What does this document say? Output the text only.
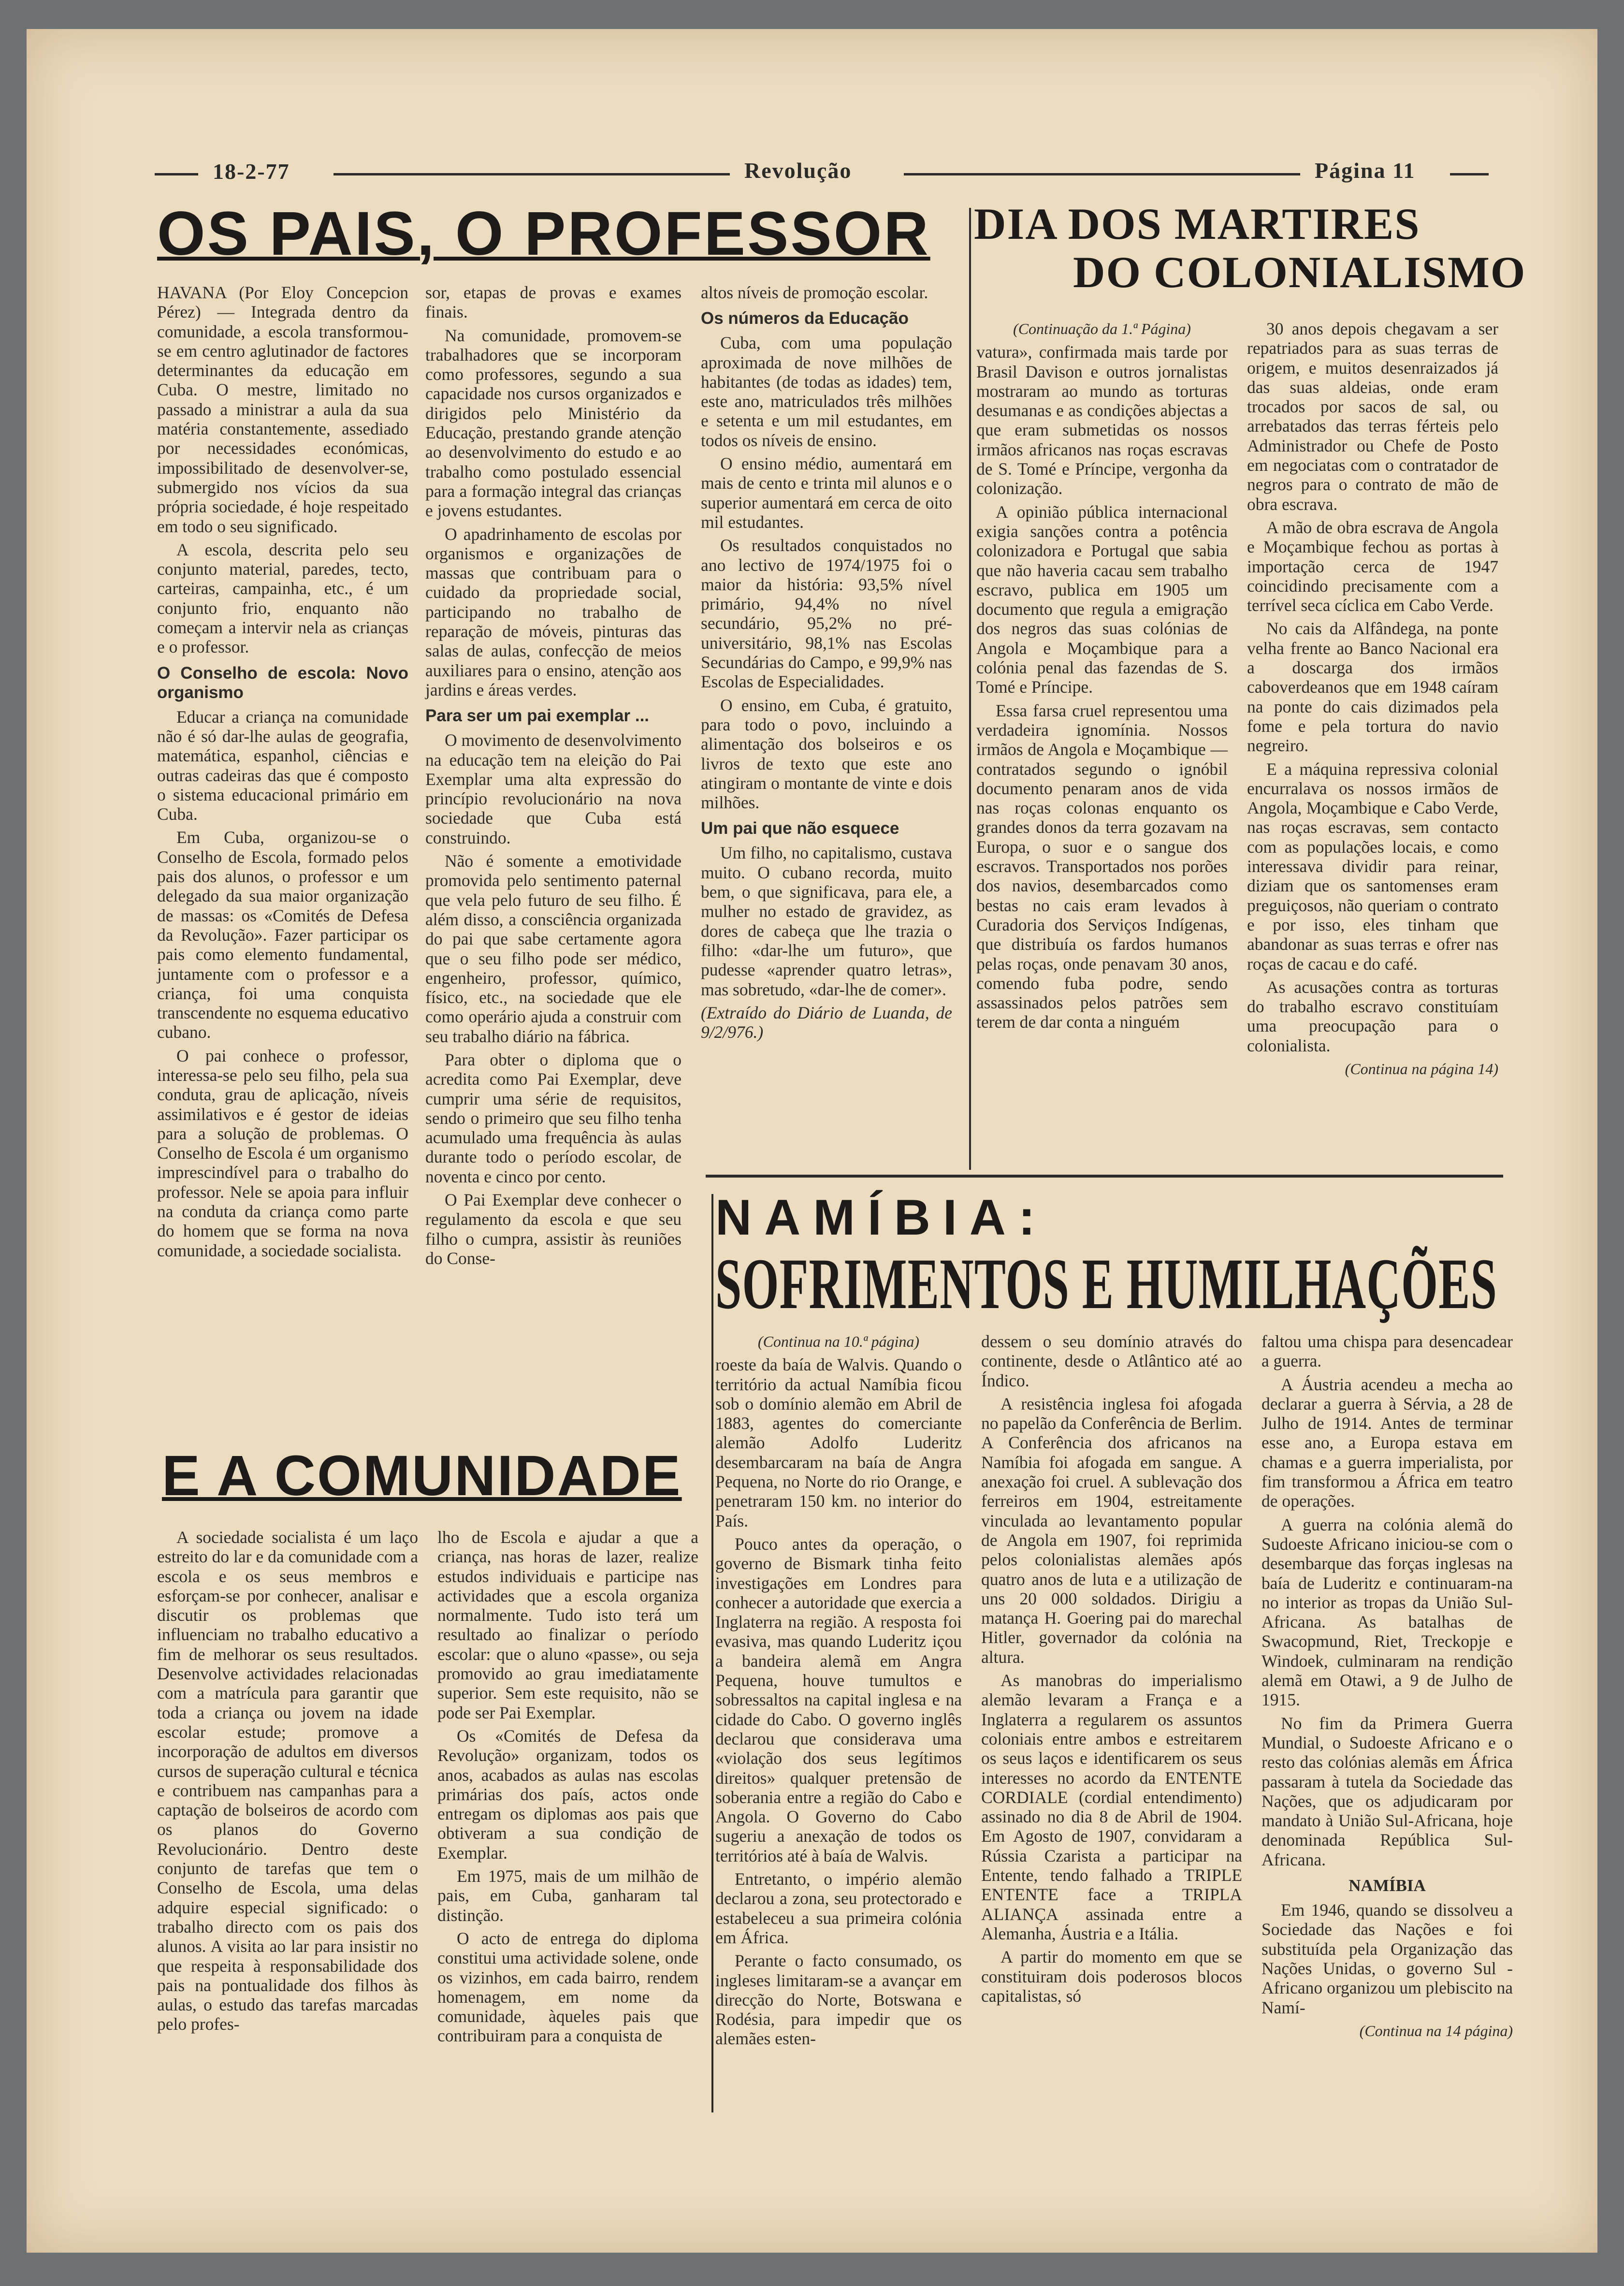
18-2-77	Revolução	Página 11
OS PAIS, O PROFESSOR

HAVANA (Por Eloy Concepcion Pérez) — Integrada dentro da comunidade, a escola transformou-se em centro aglutinador de factores determinantes da educação em Cuba. O mestre, limitado no passado a ministrar a aula da sua matéria constantemente, assediado por necessidades económicas, impossibilitado de desenvolver-se, submergido nos vícios da sua própria sociedade, é hoje respeitado em todo o seu significado.

A escola, descrita pelo seu conjunto material, paredes, tecto, carteiras, campainha, etc., é um conjunto frio, enquanto não começam a intervir nela as crianças e o professor.

O Conselho de escola: Novo organismo

Educar a criança na comunidade não é só dar-lhe aulas de geografia, matemática, espanhol, ciências e outras cadeiras das que é composto o sistema educacional primário em Cuba.

Em Cuba, organizou-se o Conselho de Escola, formado pelos pais dos alunos, o professor e um delegado da sua maior organização de massas: os «Comités de Defesa da Revolução». Fazer participar os pais como elemento fundamental, juntamente com o professor e a criança, foi uma conquista transcendente no esquema educativo cubano.

O pai conhece o professor, interessa-se pelo seu filho, pela sua conduta, grau de aplicação, níveis assimilativos e é gestor de ideias para a solução de problemas. O Conselho de Escola é um organismo imprescindível para o trabalho do professor. Nele se apoia para influir na conduta da criança como parte do homem que se forma na nova comunidade, a sociedade socialista.

sor, etapas de provas e exames finais.

Na comunidade, promovem-se trabalhadores que se incorporam como professores, segundo a sua capacidade nos cursos organizados e dirigidos pelo Ministério da Educação, prestando grande atenção ao desenvolvimento do estudo e ao trabalho como postulado essencial para a formação integral das crianças e jovens estudantes.

O apadrinhamento de escolas por organismos e organizações de massas que contribuam para o cuidado da propriedade social, participando no trabalho de reparação de móveis, pinturas das salas de aulas, confecção de meios auxiliares para o ensino, atenção aos jardins e áreas verdes.

Para ser um pai exemplar ...

O movimento de desenvolvimento na educação tem na eleição do Pai Exemplar uma alta expressão do princípio revolucionário na nova sociedade que Cuba está construindo.

Não é somente a emotividade promovida pelo sentimento paternal que vela pelo futuro de seu filho. É além disso, a consciência organizada do pai que sabe certamente agora que o seu filho pode ser médico, engenheiro, professor, químico, físico, etc., na sociedade que ele como operário ajuda a construir com seu trabalho diário na fábrica.

Para obter o diploma que o acredita como Pai Exemplar, deve cumprir uma série de requisitos, sendo o primeiro que seu filho tenha acumulado uma frequência às aulas durante todo o período escolar, de noventa e cinco por cento.

O Pai Exemplar deve conhecer o regulamento da escola e que seu filho o cumpra, assistir às reuniões do Conse-

altos níveis de promoção escolar.

Os números da Educação

Cuba, com uma população aproximada de nove milhões de habitantes (de todas as idades) tem, este ano, matriculados três milhões e setenta e um mil estudantes, em todos os níveis de ensino.

O ensino médio, aumentará em mais de cento e trinta mil alunos e o superior aumentará em cerca de oito mil estudantes.

Os resultados conquistados no ano lectivo de 1974/1975 foi o maior da história: 93,5% nível primário, 94,4% no nível secundário, 95,2% no pré-universitário, 98,1% nas Escolas Secundárias do Campo, e 99,9% nas Escolas de Especialidades.

O ensino, em Cuba, é gratuito, para todo o povo, incluindo a alimentação dos bolseiros e os livros de texto que este ano atingiram o montante de vinte e dois milhões.

Um pai que não esquece

Um filho, no capitalismo, custava muito. O cubano recorda, muito bem, o que significava, para ele, a mulher no estado de gravidez, as dores de cabeça que lhe trazia o filho: «dar-lhe um futuro», que pudesse «aprender quatro letras», mas sobretudo, «dar-lhe de comer».

(Extraído do Diário de Luanda, de 9/2/976.)

E A COMUNIDADE

A sociedade socialista é um laço estreito do lar e da comunidade com a escola e os seus membros e esforçam-se por conhecer, analisar e discutir os problemas que influenciam no trabalho educativo a fim de melhorar os seus resultados. Desenvolve actividades relacionadas com a matrícula para garantir que toda a criança ou jovem na idade escolar estude; promove a incorporação de adultos em diversos cursos de superação cultural e técnica e contribuem nas campanhas para a captação de bolseiros de acordo com os planos do Governo Revolucionário. Dentro deste conjunto de tarefas que tem o Conselho de Escola, uma delas adquire especial significado: o trabalho directo com os pais dos alunos. A visita ao lar para insistir no que respeita à responsabilidade dos pais na pontualidade dos filhos às aulas, o estudo das tarefas marcadas pelo profes-

lho de Escola e ajudar a que a criança, nas horas de lazer, realize estudos individuais e participe nas actividades que a escola organiza normalmente. Tudo isto terá um resultado ao finalizar o período escolar: que o aluno «passe», ou seja promovido ao grau imediatamente superior. Sem este requisito, não se pode ser Pai Exemplar.

Os «Comités de Defesa da Revolução» organizam, todos os anos, acabados as aulas nas escolas primárias dos país, actos onde entregam os diplomas aos pais que obtiveram a sua condição de Exemplar.

Em 1975, mais de um milhão de pais, em Cuba, ganharam tal distinção.

O acto de entrega do diploma constitui uma actividade solene, onde os vizinhos, em cada bairro, rendem homenagem, em nome da comunidade, àqueles pais que contribuiram para a conquista de

DIA DOS MARTIRES
DO COLONIALISMO

(Continuação da 1.ª Página)

vatura», confirmada mais tarde por Brasil Davison e outros jornalistas mostraram ao mundo as torturas desumanas e as condições abjectas a que eram submetidas os nossos irmãos africanos nas roças escravas de S. Tomé e Príncipe, vergonha da colonização.

A opinião pública internacional exigia sanções contra a potência colonizadora e Portugal que sabia que não haveria cacau sem trabalho escravo, publica em 1905 um documento que regula a emigração dos negros das suas colónias de Angola e Moçambique para a colónia penal das fazendas de S. Tomé e Príncipe.

Essa farsa cruel representou uma verdadeira ignomínia. Nossos irmãos de Angola e Moçambique — contratados segundo o ignóbil documento penaram anos de vida nas roças colonas enquanto os grandes donos da terra gozavam na Europa, o suor e o sangue dos escravos. Transportados nos porões dos navios, desembarcados como bestas no cais eram levados à Curadoria dos Serviços Indígenas, que distribuía os fardos humanos pelas roças, onde penavam 30 anos, comendo fuba podre, sendo assassinados pelos patrões sem terem de dar conta a ninguém

30 anos depois chegavam a ser repatriados para as suas terras de origem, e muitos desenraizados já das suas aldeias, onde eram trocados por sacos de sal, ou arrebatados das terras férteis pelo Administrador ou Chefe de Posto em negociatas com o contratador de negros para o contrato de mão de obra escrava.

A mão de obra escrava de Angola e Moçambique fechou as portas à importação cerca de 1947 coincidindo precisamente com a terrível seca cíclica em Cabo Verde.

No cais da Alfândega, na ponte velha frente ao Banco Nacional era a doscarga dos irmãos caboverdeanos que em 1948 caíram na ponte do cais dizimados pela fome e pela tortura do navio negreiro.

E a máquina repressiva colonial encurralava os nossos irmãos de Angola, Moçambique e Cabo Verde, nas roças escravas, sem contacto com as populações locais, e como interessava dividir para reinar, diziam que os santomenses eram preguiçosos, não queriam o contrato e por isso, eles tinham que abandonar as suas terras e ofrer nas roças de cacau e do café.

As acusações contra as torturas do trabalho escravo constituíam uma preocupação para o colonialista.

(Continua na página 14)

NAMÍBIA:
SOFRIMENTOS E HUMILHAÇÕES

(Continua na 10.ª página)

roeste da baía de Walvis. Quando o território da actual Namíbia ficou sob o domínio alemão em Abril de 1883, agentes do comerciante alemão Adolfo Luderitz desembarcaram na baía de Angra Pequena, no Norte do rio Orange, e penetraram 150 km. no interior do País.

Pouco antes da operação, o governo de Bismark tinha feito investigações em Londres para conhecer a autoridade que exercia a Inglaterra na região. A resposta foi evasiva, mas quando Luderitz içou a bandeira alemã em Angra Pequena, houve tumultos e sobressaltos na capital inglesa e na cidade do Cabo. O governo inglês declarou que considerava uma «violação dos seus legítimos direitos» qualquer pretensão de soberania entre a região do Cabo e Angola. O Governo do Cabo sugeriu a anexação de todos os territórios até à baía de Walvis.

Entretanto, o império alemão declarou a zona, seu protectorado e estabeleceu a sua primeira colónia em África.

Perante o facto consumado, os ingleses limitaram-se a avançar em direcção do Norte, Botswana e Rodésia, para impedir que os alemães esten-

dessem o seu domínio através do continente, desde o Atlântico até ao Índico.

A resistência inglesa foi afogada no papelão da Conferência de Berlim. A Conferência dos africanos na Namíbia foi afogada em sangue. A anexação foi cruel. A sublevação dos ferreiros em 1904, estreitamente vinculada ao levantamento popular de Angola em 1907, foi reprimida pelos colonialistas alemães após quatro anos de luta e a utilização de uns 20 000 soldados. Dirigiu a matança H. Goering pai do marechal Hitler, governador da colónia na altura.

As manobras do imperialismo alemão levaram a França e a Inglaterra a regularem os assuntos coloniais entre ambos e estreitarem os seus laços e identificarem os seus interesses no acordo da ENTENTE CORDIALE (cordial entendimento) assinado no dia 8 de Abril de 1904. Em Agosto de 1907, convidaram a Rússia Czarista a participar na Entente, tendo falhado a TRIPLE ENTENTE face a TRIPLA ALIANÇA assinada entre a Alemanha, Áustria e a Itália.

A partir do momento em que se constituiram dois poderosos blocos capitalistas, só

faltou uma chispa para desencadear a guerra.

A Áustria acendeu a mecha ao declarar a guerra à Sérvia, a 28 de Julho de 1914. Antes de terminar esse ano, a Europa estava em chamas e a guerra imperialista, por fim transformou a África em teatro de operações.

A guerra na colónia alemã do Sudoeste Africano iniciou-se com o desembarque das forças inglesas na baía de Luderitz e continuaram-na no interior as tropas da União Sul-Africana. As batalhas de Swacopmund, Riet, Treckopje e Windoek, culminaram na rendição alemã em Otawi, a 9 de Julho de 1915.

No fim da Primera Guerra Mundial, o Sudoeste Africano e o resto das colónias alemãs em África passaram à tutela da Sociedade das Nações, que os adjudicaram por mandato à União Sul-Africana, hoje denominada República Sul-Africana.

NAMÍBIA

Em 1946, quando se dissolveu a Sociedade das Nações e foi substituída pela Organização das Nações Unidas, o governo Sul - Africano organizou um plebiscito na Namí-

(Continua na 14 página)
